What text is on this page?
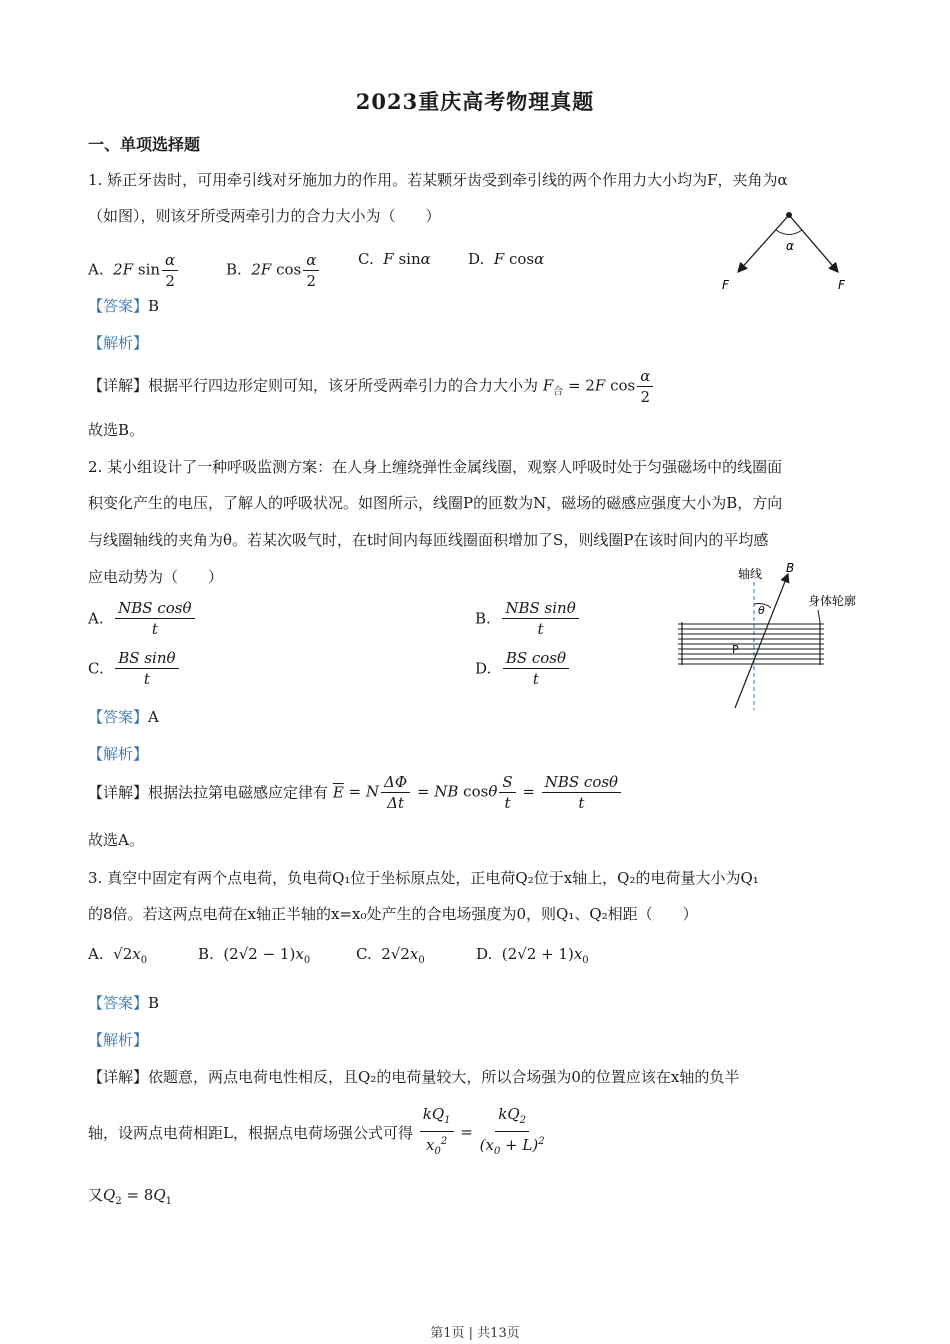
2023重庆高考物理真题
一、单项选择题
1. 矫正牙齿时，可用牵引线对牙施加力的作用。若某颗牙齿受到牵引线的两个作用力大小均为F，夹角为α
（如图），则该牙所受两牵引力的合力大小为（　　）
A. 2F $\sin \frac{\alpha}{2}$	B. 2F $\cos \frac{\alpha}{2}$	C. F sinα D. F cosα
α
F	F
【答案】B
【解析】
【详解】根据平行四边形定则可知，该牙所受两牵引力的合力大小为 $F_合 = 2F$ $\cos \frac{\alpha}{2}$
故选B。
2. 某小组设计了一种呼吸监测方案：在人身上缠绕弹性金属线圈，观察人呼吸时处于匀强磁场中的线圈面
积变化产生的电压，了解人的呼吸状况。如图所示，线圈P的匝数为N，磁场的磁感应强度大小为B，方向
与线圈轴线的夹角为θ。若某次吸气时，在t时间内每匝线圈面积增加了S，则线圈P在该时间内的平均感
应电动势为（　　）
A. $\frac{\text{NBS cosθ}}{t}$	B. $\frac{\text{NBS sinθ}}{t}$
C. $\frac{\text{BS sinθ}}{t}$	D. $\frac{\text{BS cosθ}}{t}$
轴线 B
身体轮廓
θ
P
【答案】A
【解析】
【详解】根据法拉第电磁感应定律有 $\overline{E} = N \frac{\Delta\Phi}{\Delta t}$ = NB cosθ $\frac{S}{t} = \frac{\text{NBS cosθ}}{t}$
故选A。
3. 真空中固定有两个点电荷，负电荷Q₁位于坐标原点处，正电荷Q₂位于x轴上，Q₂的电荷量大小为Q₁
的8倍。若这两点电荷在x轴正半轴的x=x₀处产生的合电场强度为0，则Q₁、Q₂相距（　　）
A.  $√2x_0$	B.  $(2√2 - 1)x_0$	C.  $2√2x_0$	D.  $(2√2 + 1)x_0$
【答案】B
【解析】
【详解】依题意，两点电荷电性相反，且Q₂的电荷量较大，所以合场强为0的位置应该在x轴的负半
轴，设两点电荷相距L，根据点电荷场强公式可得 $\frac{kQ_1}{x_0^2} = \frac{kQ_2}{(x_0 + L)^2}$
又$Q_2 = 8Q_1$
第1页 | 共13页
